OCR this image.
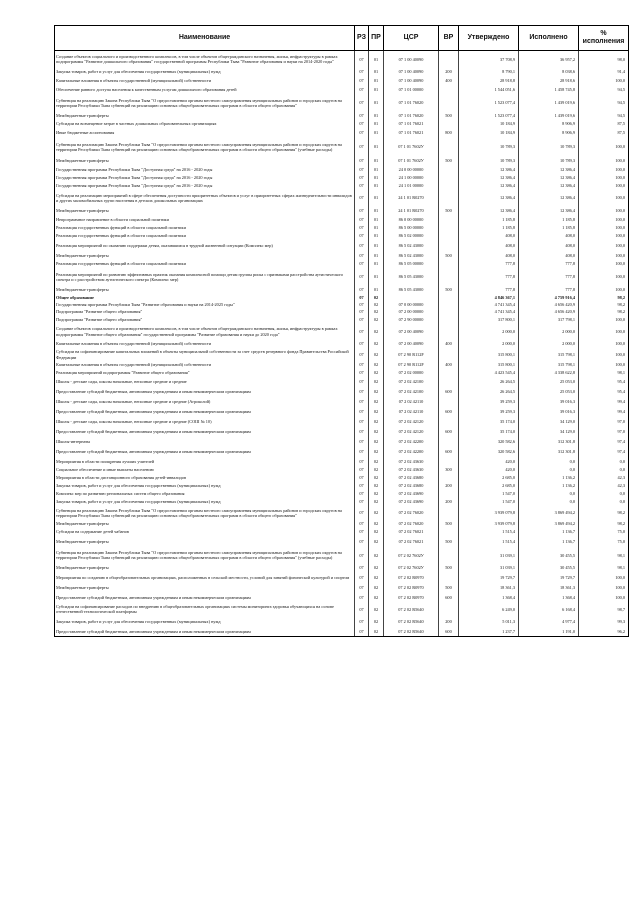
Наименование	РЗ	ПР	ЦСР	ВР	Утверждено	Исполнено	%
исполнения
Создание объектов социального и производственного комплексов, в том числе объектов общегражданского назначения, жилья, инфраструктуры в рамках подпрограммы "Развитие дошкольного образования" государственной программы Республики Тыва "Развитие образования и науки на 2014-2020 годы"	07	01	07 1 00 40090		37 708,9	36 957,2	98,0
Закупка товаров, работ и услуг для обеспечения государственных (муниципальных) нужд	07	01	07 1 00 40090	200	8 790,1	8 038,6	91,4
Капитальные вложения в объекты государственной (муниципальной) собственности	07	01	07 1 00 40090	400	28 918,8	28 918,6	100,0
Обеспечение равного доступа населения к качественным услугам дошкольного образования детей	07	01	07 1 01 00000		1 544 051,6	1 458 745,8	94,5
Субвенция на реализацию Закона Республики Тыва "О предоставлении органам местного самоуправления муниципальных районов и городских округов на территории Республики Тыва субвенций на реализацию основных общеобразовательных программ в области общего образования"	07	01	07 1 01 76020		1 523 077,4	1 439 019,6	94,5
Межбюджетные трансферты	07	01	07 1 01 76020	500	1 523 077,4	1 439 019,6	94,5
Субсидии на возмещение затрат в частных дошкольных образовательных организациях	07	01	07 1 01 76021		10 184,9	8 906,9	87,5
Иные бюджетные ассигнования	07	01	07 1 01 76021	800	10 184,9	8 906,9	87,5
Субвенция на реализацию Закона Республики Тыва "О предоставлении органам местного самоуправления муниципальных районов и городских округов на территории Республики Тыва субвенций на реализацию основных общеобразовательных программ в области общего образования" (учебные расходы)	07	01	07 1 01 7602У		10 789,3	10 789,3	100,0
Межбюджетные трансферты	07	01	07 1 01 7602У	500	10 789,3	10 789,3	100,0
Государственная программа Республики Тыва "Доступная среда" на 2016 - 2020 годы	07	01	24 0 00 00000		12 386,4	12 386,4	100,0
Государственная программа Республики Тыва "Доступная среда" на 2016 - 2020 годы	07	01	24 1 00 00000		12 386,4	12 386,4	100,0
Государственная программа Республики Тыва "Доступная среда" на 2016 - 2020 годы	07	01	24 1 01 00000		12 386,4	12 386,4	100,0
Субсидии на реализацию мероприятий в сфере обеспечения доступности приоритетных объектов и услуг в приоритетных сферах жизнедеятельности инвалидов и других маломобильных групп населения в детских дошкольных организациях	07	01	24 1 01 R0270		12 386,4	12 386,4	100,0
Межбюджетные трансферты	07	01	24 1 01 R0270	500	12 386,4	12 386,4	100,0
Непрограммное направление в области социальной политики	07	01	86 0 00 00000		1 185,8	1 185,8	100,0
Реализация государственных функций в области социальной политики	07	01	86 5 00 00000		1 185,8	1 185,8	100,0
Реализация государственных функций в области социальной политики	07	01	86 5 02 00000		408,0	408,0	100,0
Реализация мероприятий по оказанию поддержки детям, оказавшимся в трудной жизненной ситуации (Комплекс мер)	07	01	86 5 02 43000		408,0	408,0	100,0
Межбюджетные трансферты	07	01	86 5 02 43000	500	408,0	408,0	100,0
Реализация государственных функций в области социальной политики	07	01	86 5 05 00000		777,8	777,8	100,0
Реализация мероприятий по развитию эффективных практик оказания комплексной помощи детям группы риска с признаками расстройства аутистического спектра и с расстройством аутистического спектра (Комплекс мер)	07	01	86 5 05 43000		777,8	777,8	100,0
Межбюджетные трансферты	07	01	86 5 05 43000	500	777,8	777,8	100,0
Общее образование	07	02			4 846 367,1	4 759 916,4	98,2
Государственная программа Республики Тыва "Развитие образования и науки на 2014-2025 годы"	07	02	07 0 00 00000		4 741 345,4	4 656 420,9	98,2
Подпрограмма "Развитие общего образования"	07	02	07 2 00 00000		4 741 345,4	4 656 420,9	98,2
Подпрограмма "Развитие общего образования"	07	02	07 2 90 00000		317 800,1	317 798,1	100,0
Создание объектов социального и производственного комплексов, в том числе объектов общегражданского назначения, жилья, инфраструктуры в рамках подпрограммы "Развитие общего образования" государственной программы "Развитие образования и науки до 2020 года"	07	02	07 2 00 40090		2 000,0	2 000,0	100,0
Капитальные вложения в объекты государственной (муниципальной) собственности	07	02	07 2 00 40090	400	2 000,0	2 000,0	100,0
Субсидии на софинансирование капитальных вложений в объекты муниципальной собственности за счет средств резервного фонда Правительства Российской Федерации	07	02	07 2 90 R112F		315 800,1	315 798,1	100,0
Капитальные вложения в объекты государственной (муниципальной) собственности	07	02	07 2 90 R112F	400	315 800,1	315 798,1	100,0
Реализация мероприятий подпрограммы "Развитие общего образования"	07	02	07 2 02 00000		4 423 545,4	4 338 622,8	98,1
Школы - детские сады, школы начальные, неполные средние и средние	07	02	07 2 02 42100		26 264,5	25 053,0	95,4
Предоставление субсидий бюджетным, автономным учреждениям и иным некоммерческим организациям	07	02	07 2 02 42100	600	26 264,5	25 053,0	95,4
Школы - детские сады, школы начальные, неполные средние и средние (Агроколой)	07	02	07 2 02 42110		39 259,3	39 016,3	99,4
Предоставление субсидий бюджетным, автономным учреждениям и иным некоммерческим организациям	07	02	07 2 02 42110	600	39 259,3	39 016,3	99,4
Школы - детские сады, школы начальные, неполные средние и средние (СОШ № 10)	07	02	07 2 02 42120		35 174,0	34 129,0	97,0
Предоставление субсидий бюджетным, автономным учреждениям и иным некоммерческим организациям	07	02	07 2 02 42120	600	35 174,0	34 129,0	97,0
Школы-интернаты	07	02	07 2 02 42200		320 582,6	312 301,8	97,4
Предоставление субсидий бюджетным, автономным учреждениям и иным некоммерческим организациям	07	02	07 2 02 42200	600	320 582,6	312 301,8	97,4
Мероприятия в области поощрения лучших учителей	07	02	07 2 02 43630		420,0	0,0	0,0
Социальное обеспечение и иные выплаты населению	07	02	07 2 02 43630	300	420,0	0,0	0,0
Мероприятия в области дистанционного образования детей-инвалидов	07	02	07 2 02 43680		2 685,0	1 136,2	42,3
Закупка товаров, работ и услуг для обеспечения государственных (муниципальных) нужд	07	02	07 2 02 43680	200	2 685,0	1 136,2	42,3
Комплекс мер по развитию региональных систем общего образования	07	02	07 2 02 43690		1 547,0	0,0	0,0
Закупка товаров, работ и услуг для обеспечения государственных (муниципальных) нужд	07	02	07 2 02 43690	200	1 547,0	0,0	0,0
Субвенция на реализацию Закона Республики Тыва "О предоставлении органам местного самоуправления муниципальных районов и городских округов на территории Республики Тыва субвенций на реализацию основных общеобразовательных программ в области общего образования"	07	02	07 2 02 76020		3 939 079,8	3 869 494,2	98,2
Межбюджетные трансферты	07	02	07 2 02 76020	500	3 939 079,8	3 869 494,2	98,2
Субсидии на содержание детей чабанов	07	02	07 2 02 76021		1 515,4	1 136,7	75,0
Межбюджетные трансферты	07	02	07 2 02 76021	500	1 515,4	1 136,7	75,0
Субвенция на реализацию Закона Республики Тыва "О предоставлении органам местного самоуправления муниципальных районов и городских округов на территории Республики Тыва субвенций на реализацию основных общеобразовательных программ в области общего образования" (учебные расходы)	07	02	07 2 02 7602У		31 039,1	30 455,5	98,1
Межбюджетные трансферты	07	02	07 2 02 7602У	500	31 039,1	30 455,5	98,1
Мероприятия по созданию в общеобразовательных организациях, расположенных в сельской местности, условий для занятий физической культурой и спортом	07	02	07 2 02 R0970		19 729,7	19 729,7	100,0
Межбюджетные трансферты	07	02	07 2 02 R0970	500	18 361,3	18 361,3	100,0
Предоставление субсидий бюджетным, автономным учреждениям и иным некоммерческим организациям	07	02	07 2 02 R0970	600	1 368,4	1 368,4	100,0
Субсидии на софинансирование расходов по внедрению в общеобразовательных организациях системы мониторинга здоровья обучающихся на основе отечественной технологической платформы	07	02	07 2 02 R5640		6 249,0	6 168,4	98,7
Закупка товаров, работ и услуг для обеспечения государственных (муниципальных) нужд	07	02	07 2 02 R5640	200	5 011,3	4 977,4	99,3
Предоставление субсидий бюджетным, автономным учреждениям и иным некоммерческим организациям	07	02	07 2 02 R5640	600	1 237,7	1 191,0	96,2
